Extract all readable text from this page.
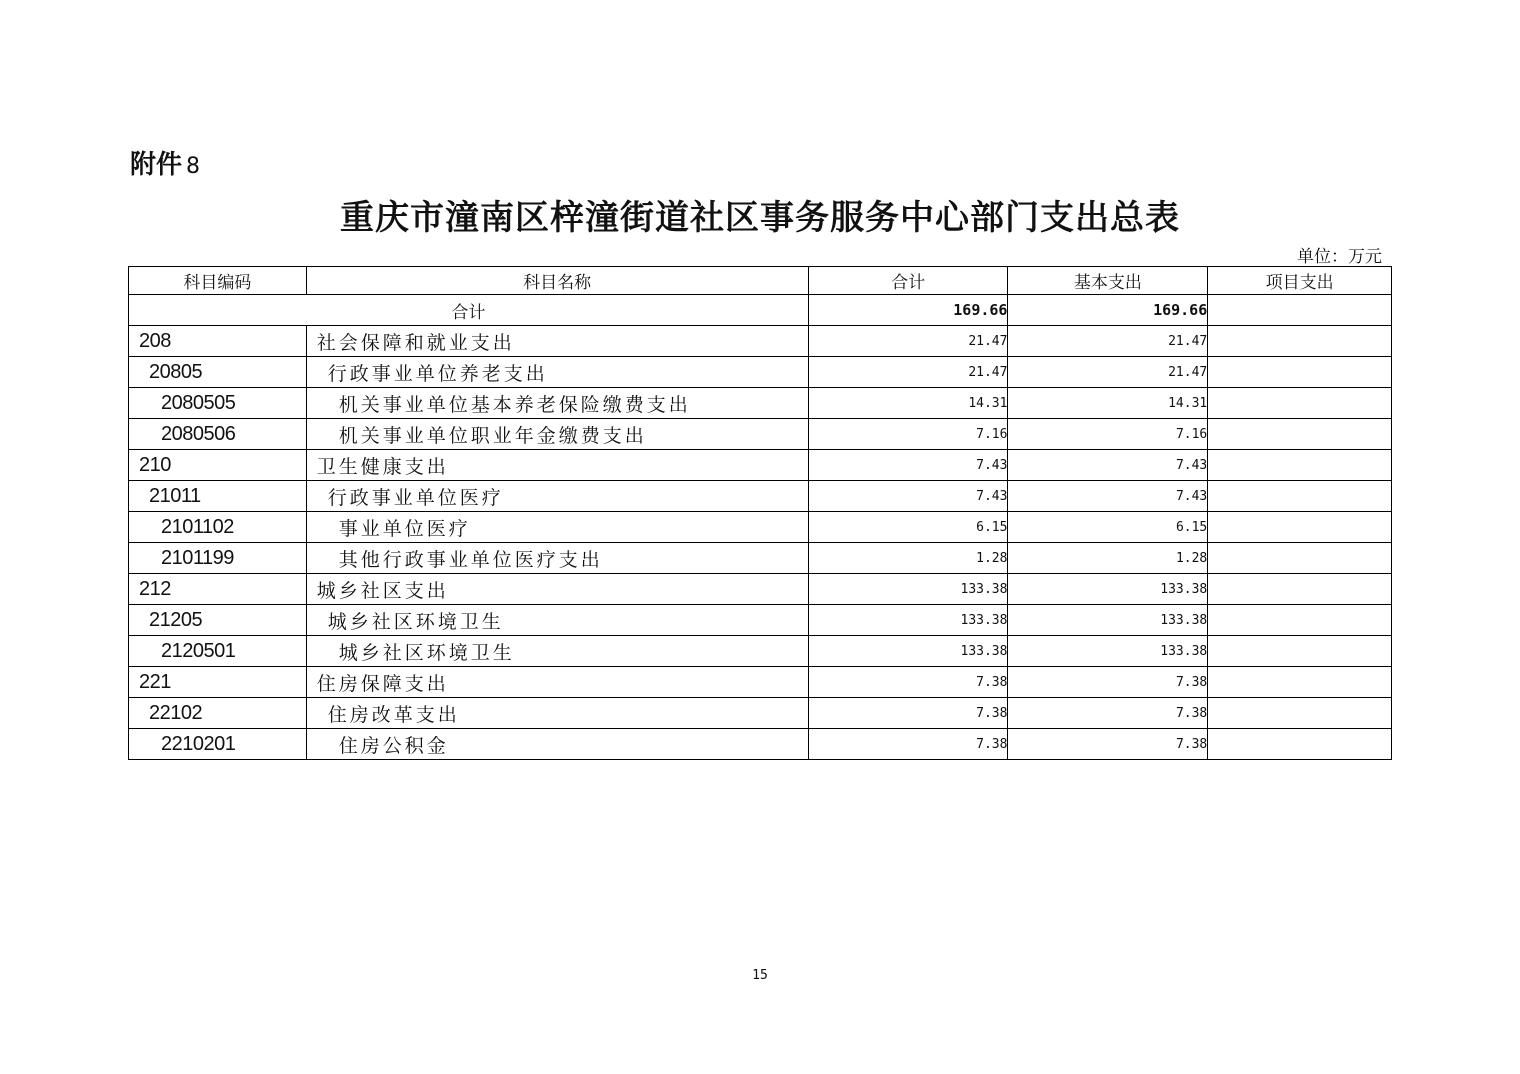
附件 8
重庆市潼南区梓潼街道社区事务服务中心部门支出总表
单位：万元
科目编码	科目名称	合计	基本支出	项目支出
合计		169.66	169.66	
208	社会保障和就业支出	21.47	21.47	
20805	行政事业单位养老支出	21.47	21.47	
2080505	机关事业单位基本养老保险缴费支出	14.31	14.31	
2080506	机关事业单位职业年金缴费支出	7.16	7.16	
210	卫生健康支出	7.43	7.43	
21011	行政事业单位医疗	7.43	7.43	
2101102	事业单位医疗	6.15	6.15	
2101199	其他行政事业单位医疗支出	1.28	1.28	
212	城乡社区支出	133.38	133.38	
21205	城乡社区环境卫生	133.38	133.38	
2120501	城乡社区环境卫生	133.38	133.38	
221	住房保障支出	7.38	7.38	
22102	住房改革支出	7.38	7.38	
2210201	住房公积金	7.38	7.38	
15
